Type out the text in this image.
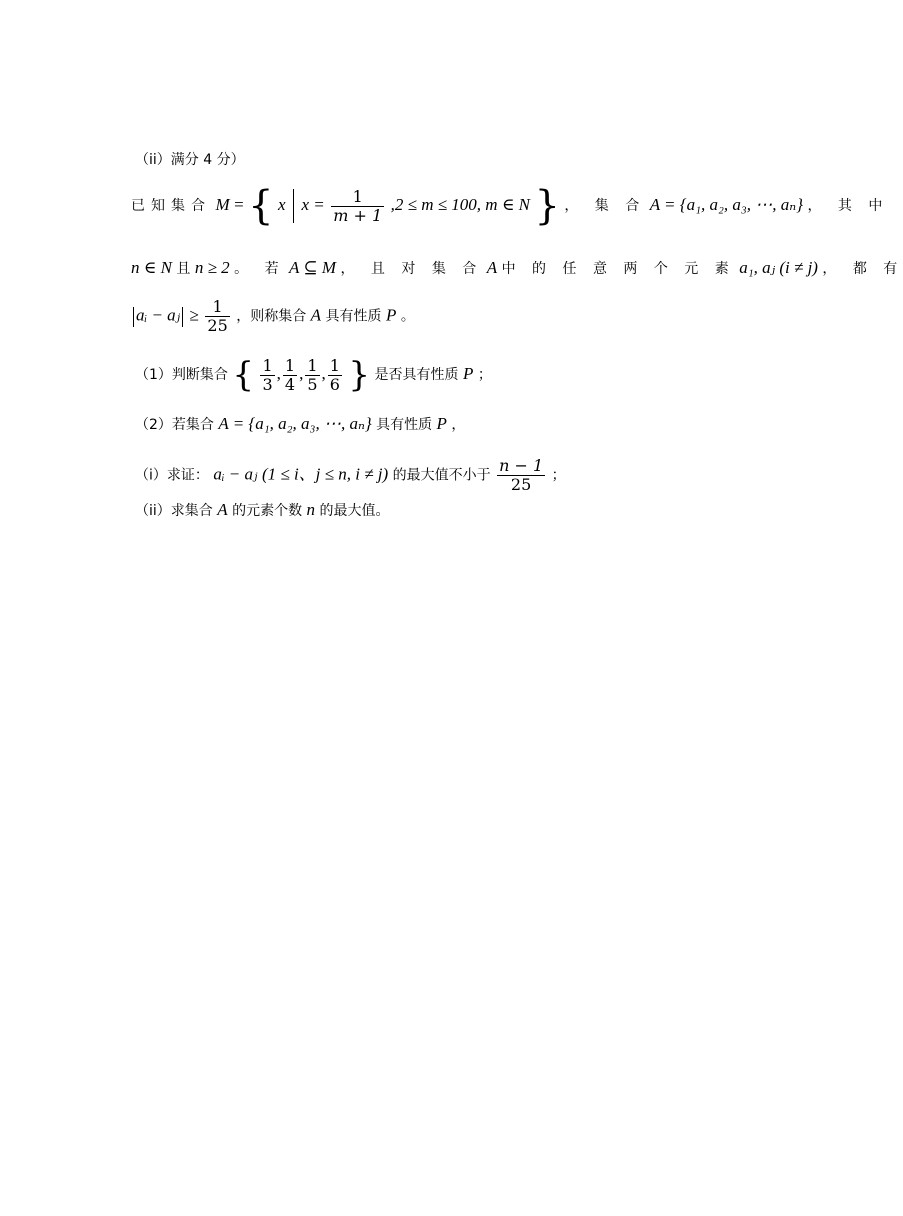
（ii）满分 4 分）
已知集合 M = { x $x = \frac{1}{m + 1} ,2 \le m \le 100$, m ∈ N } ， 集 合 A = {a₁, a₂, a₃, ⋯, aₙ} ， 其 中
n ∈ N 且 n ≥ 2 。 若 A ⊆ M ， 且 对 集 合 A 中 的 任 意 两 个 元 素 a₁, aⱼ (i ≠ j) ， 都 有
aᵢ − aⱼ ≥ $\frac{1}{25}$ ，则称集合 A 具有性质 P 。
（1）判断集合 { $\frac{1}{3}$ , $\frac{1}{4}$ , $\frac{1}{5}$ , $\frac{1}{6}$ } 是否具有性质 P ；
（2）若集合 A = {a₁, a₂, a₃, ⋯, aₙ} 具有性质 P ，
（i）求证： aᵢ − aⱼ (1 ≤ i、j ≤ n, i ≠ j) 的最大值不小于 $\frac{n - 1}{25}$ ；
（ii）求集合 A 的元素个数 n 的最大值。
